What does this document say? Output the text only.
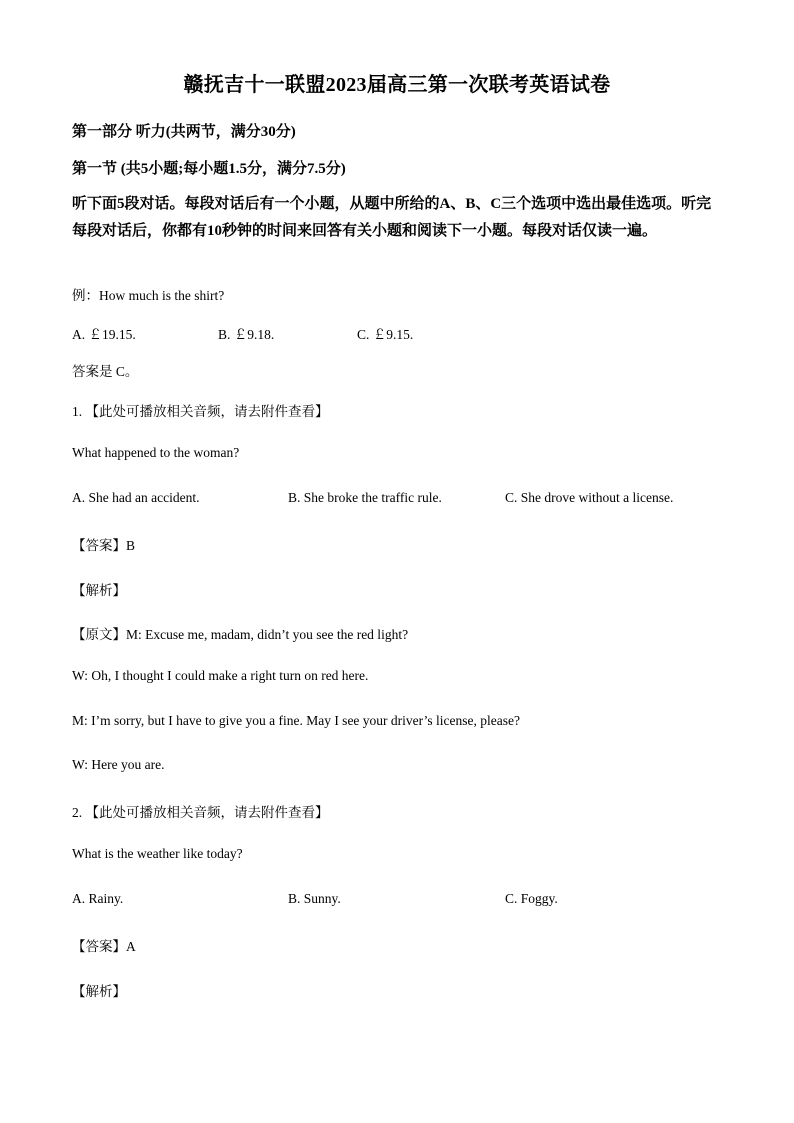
赣抚吉十一联盟2023届高三第一次联考英语试卷
第一部分 听力(共两节，满分30分)
第一节 (共5小题;每小题1.5分，满分7.5分)
听下面5段对话。每段对话后有一个小题，从题中所给的A、B、C三个选项中选出最佳选项。听完每段对话后，你都有10秒钟的时间来回答有关小题和阅读下一小题。每段对话仅读一遍。
例：How much is the shirt?
A. ￡19.15.	B. ￡9.18.	C. ￡9.15.
答案是 C。
1. 【此处可播放相关音频，请去附件查看】
What happened to the woman?
A. She had an accident.	B. She broke the traffic rule.	C. She drove without a license.
【答案】B
【解析】
【原文】M: Excuse me, madam, didn’t you see the red light?
W: Oh, I thought I could make a right turn on red here.
M: I’m sorry, but I have to give you a fine. May I see your driver’s license, please?
W: Here you are.
2. 【此处可播放相关音频，请去附件查看】
What is the weather like today?
A. Rainy.	B. Sunny.	C. Foggy.
【答案】A
【解析】
